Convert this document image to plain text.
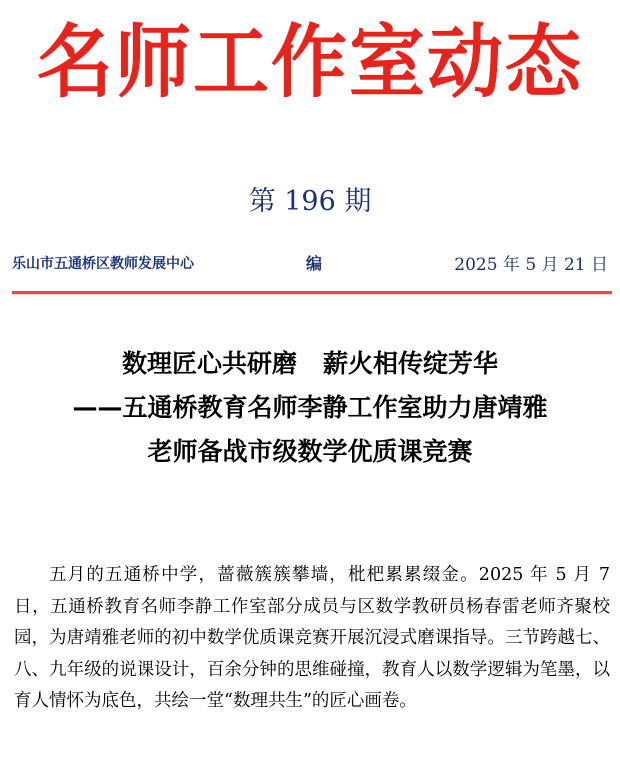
名师工作室动态
第 196 期
乐山市五通桥区教师发展中心	编	2025 年 5 月 21 日
数理匠心共研磨 薪火相传绽芳华
——五通桥教育名师李静工作室助力唐靖雅
老师备战市级数学优质课竞赛

五月的五通桥中学，蔷薇簇簇攀墙，枇杷累累缀金。2025 年 5 月 7 日，五通桥教育名师李静工作室部分成员与区数学教研员杨春雷老师齐聚校园，为唐靖雅老师的初中数学优质课竞赛开展沉浸式磨课指导。三节跨越七、八、九年级的说课设计，百余分钟的思维碰撞，教育人以数学逻辑为笔墨，以育人情怀为底色，共绘一堂“数理共生”的匠心画卷。
